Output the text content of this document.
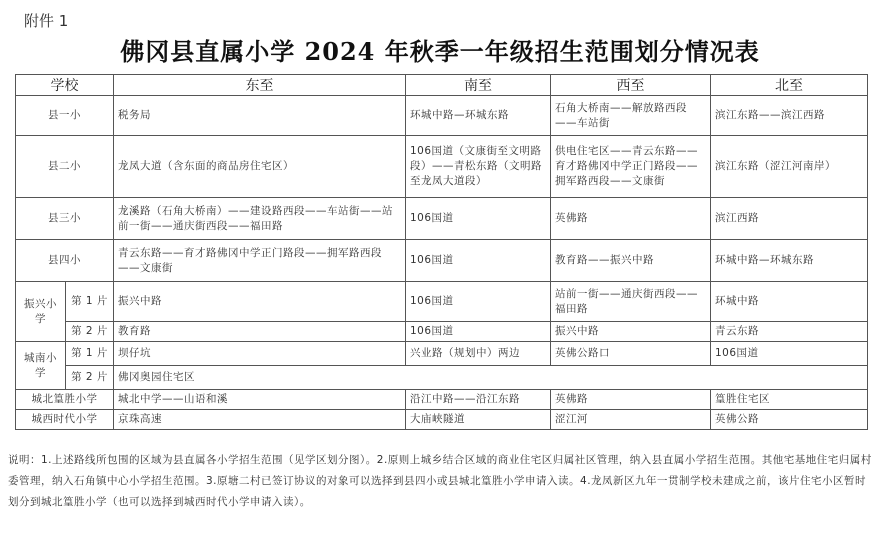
附件 1
佛冈县直属小学 2024 年秋季一年级招生范围划分情况表
学校		东至	南至	西至	北至
县一小		税务局	环城中路—环城东路	石角大桥南——解放路西段——车站街	滨江东路——滨江西路
县二小		龙凤大道（含东面的商品房住宅区）	106国道（文康街至文明路段）——青松东路（文明路至龙凤大道段）	供电住宅区——青云东路——育才路佛冈中学正门路段——拥军路西段——文康街	滨江东路（涩江河南岸）
县三小		龙溪路（石角大桥南）——建设路西段——车站街——站前一街——通庆街西段——福田路	106国道	英佛路	滨江西路
县四小		青云东路——育才路佛冈中学正门路段——拥军路西段——文康街	106国道	教育路——振兴中路	环城中路—环城东路
振兴小学	第 1 片	振兴中路	106国道	站前一街——通庆街西段——福田路	环城中路
	第 2 片	教育路	106国道	振兴中路	青云东路
城南小学	第 1 片	坝仔坑	兴业路（规划中）两边	英佛公路口	106国道
	第 2 片	佛冈奥园住宅区			
城北篁胜小学		城北中学——山语和溪	沿江中路——沿江东路	英佛路	篁胜住宅区
城西时代小学		京珠高速	大庙峡隧道	涩江河	英佛公路
说明：1.上述路线所包围的区域为县直属各小学招生范围（见学区划分图）。2.原则上城乡结合区域的商业住宅区归属社区管理，纳入县直属小学招生范围。其他宅基地住宅归属村委管理，纳入石角镇中心小学招生范围。3.原塘二村已签订协议的对象可以选择到县四小或县城北篁胜小学申请入读。4.龙凤新区九年一贯制学校未建成之前，该片住宅小区暂时划分到城北篁胜小学（也可以选择到城西时代小学申请入读）。
